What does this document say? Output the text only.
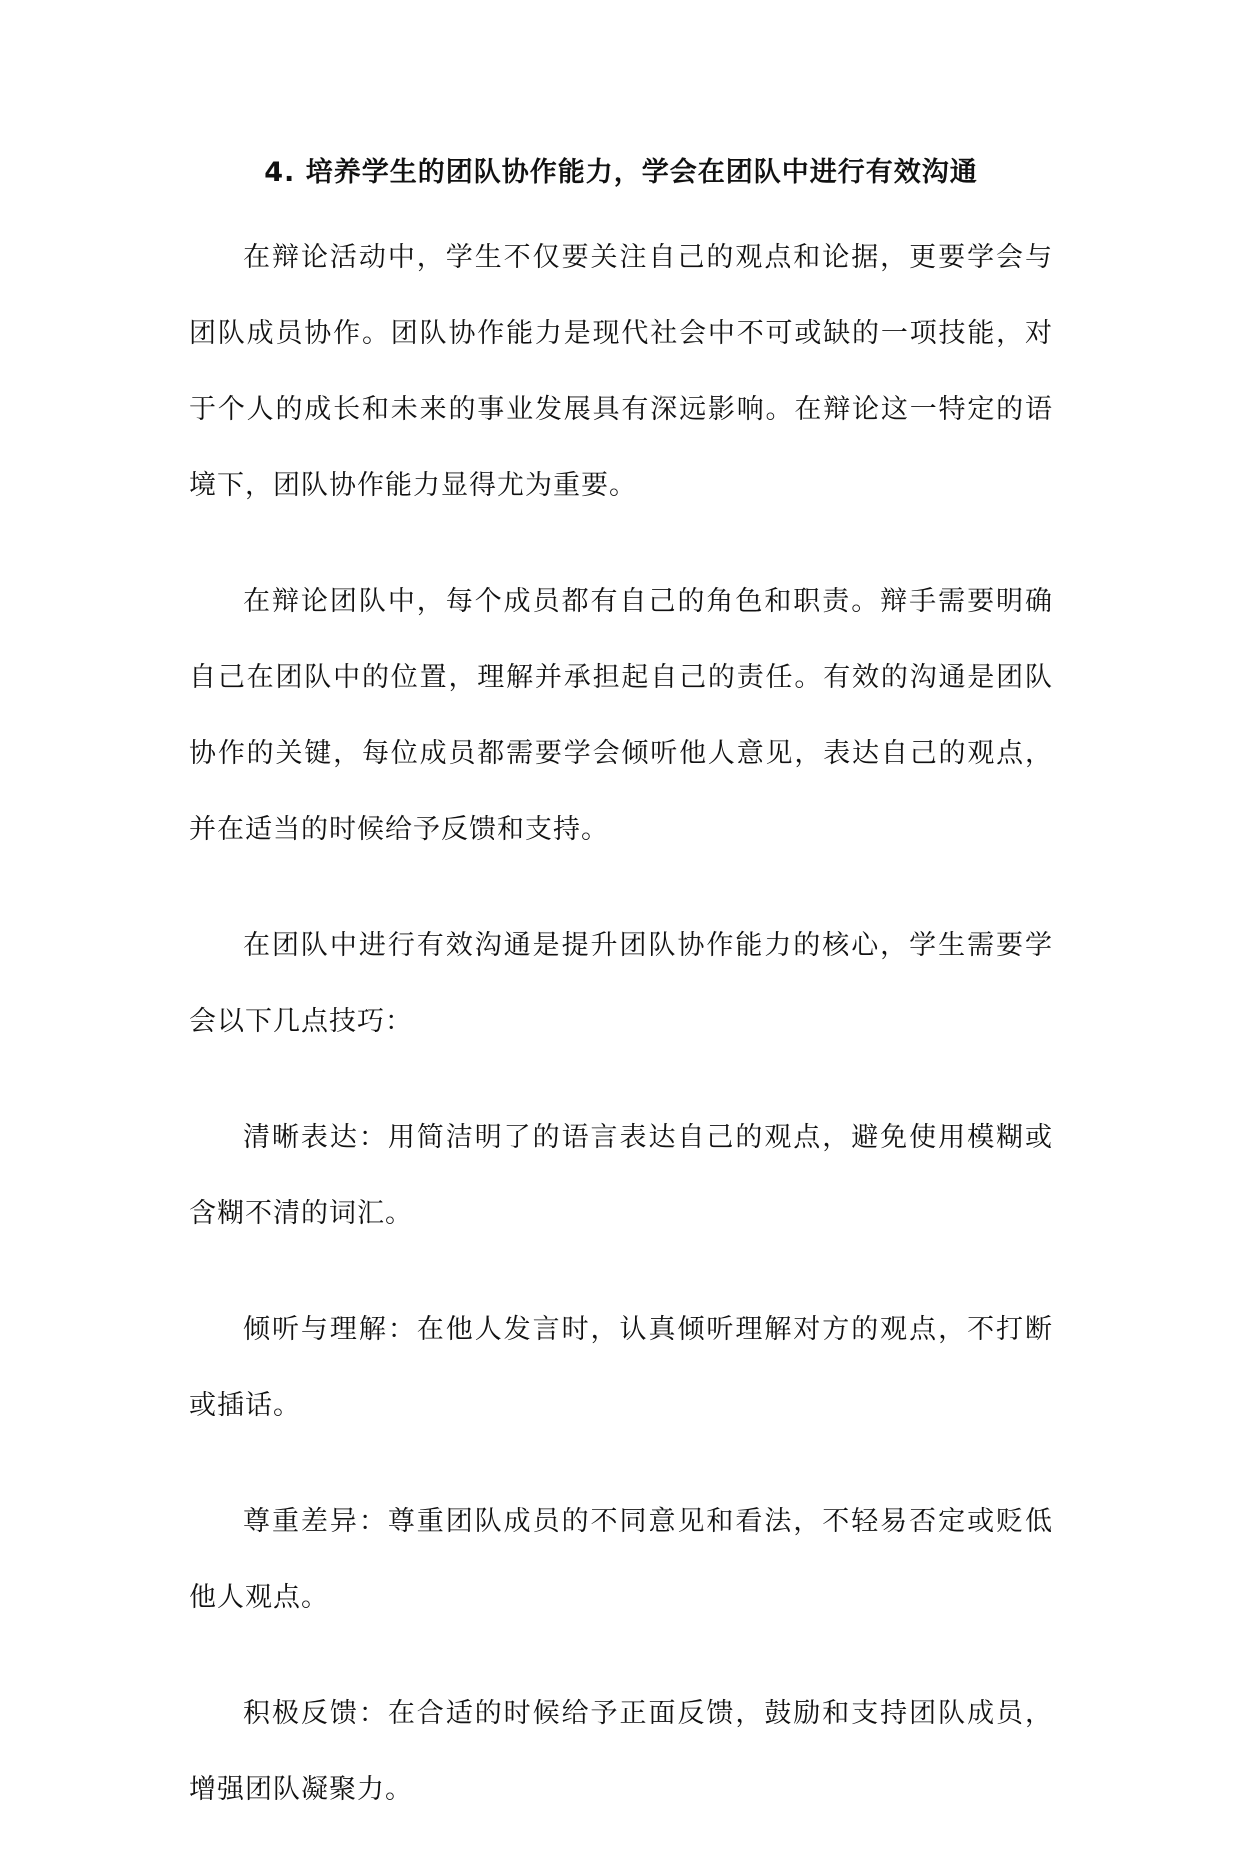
4. 培养学生的团队协作能力，学会在团队中进行有效沟通

在辩论活动中，学生不仅要关注自己的观点和论据，更要学会与团队成员协作。团队协作能力是现代社会中不可或缺的一项技能，对于个人的成长和未来的事业发展具有深远影响。在辩论这一特定的语境下，团队协作能力显得尤为重要。

在辩论团队中，每个成员都有自己的角色和职责。辩手需要明确自己在团队中的位置，理解并承担起自己的责任。有效的沟通是团队协作的关键，每位成员都需要学会倾听他人意见，表达自己的观点，并在适当的时候给予反馈和支持。

在团队中进行有效沟通是提升团队协作能力的核心，学生需要学会以下几点技巧：

清晰表达：用简洁明了的语言表达自己的观点，避免使用模糊或含糊不清的词汇。

倾听与理解：在他人发言时，认真倾听理解对方的观点，不打断或插话。

尊重差异：尊重团队成员的不同意见和看法，不轻易否定或贬低他人观点。

积极反馈：在合适的时候给予正面反馈，鼓励和支持团队成员，增强团队凝聚力。
